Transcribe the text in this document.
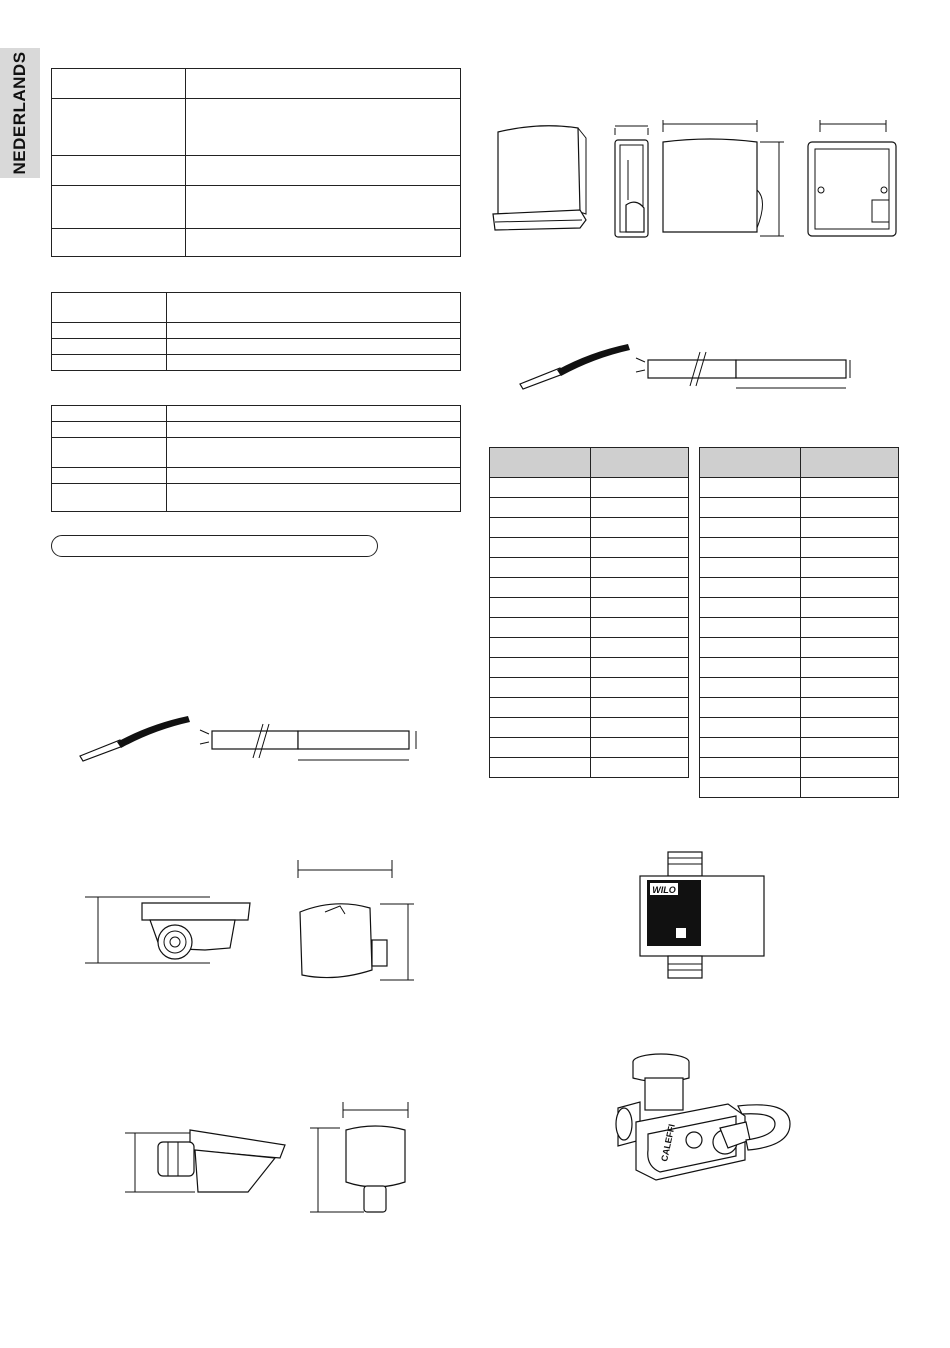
NEDERLANDS

WILO
CALEFFI
